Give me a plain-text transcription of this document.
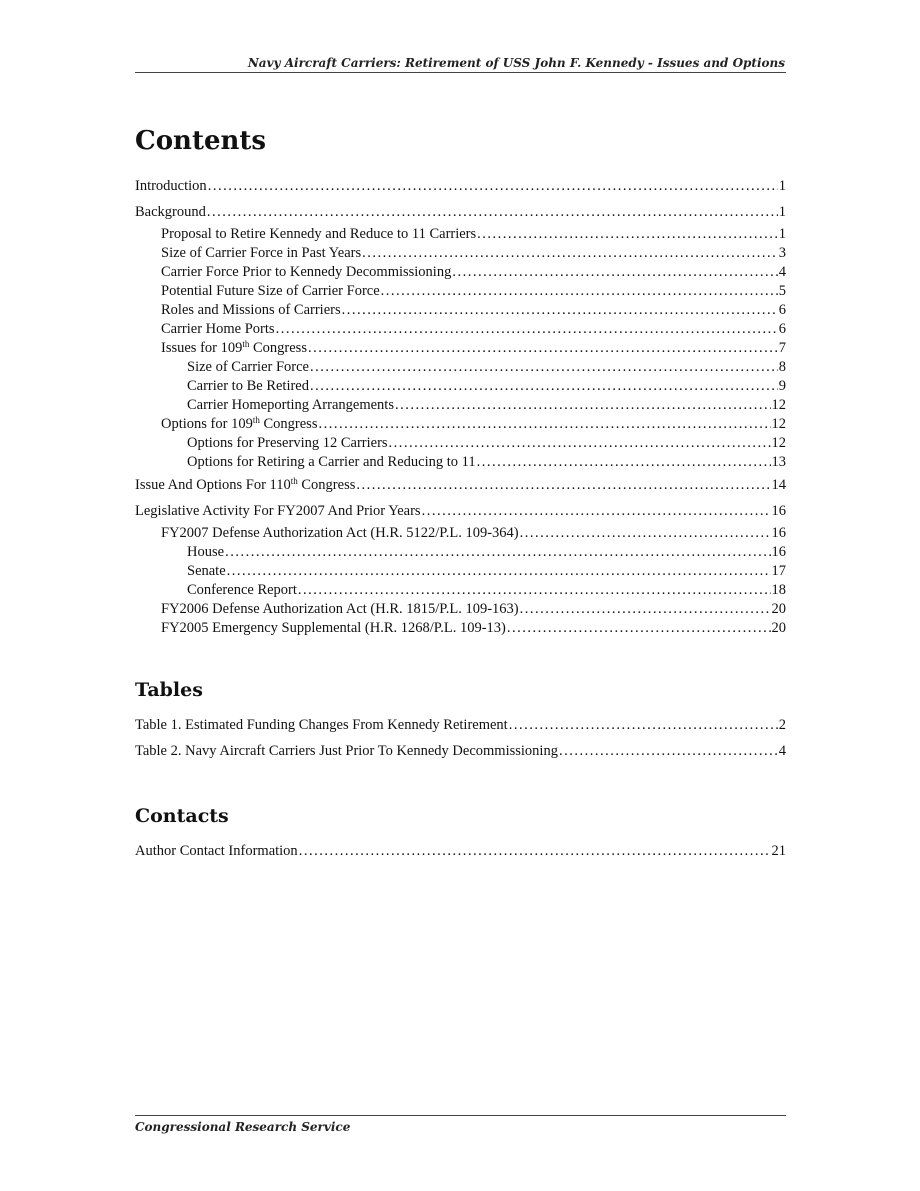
Navy Aircraft Carriers: Retirement of USS John F. Kennedy - Issues and Options
Contents
Introduction .....	1
Background .....	1
Proposal to Retire Kennedy and Reduce to 11 Carriers .....	1
Size of Carrier Force in Past Years .....	3
Carrier Force Prior to Kennedy Decommissioning .....	4
Potential Future Size of Carrier Force .....	5
Roles and Missions of Carriers .....	6
Carrier Home Ports .....	6
Issues for 109th Congress .....	7
Size of Carrier Force .....	8
Carrier to Be Retired .....	9
Carrier Homeporting Arrangements .....	12
Options for 109th Congress .....	12
Options for Preserving 12 Carriers .....	12
Options for Retiring a Carrier and Reducing to 11 .....	13
Issue And Options For 110th Congress .....	14
Legislative Activity For FY2007 And Prior Years .....	16
FY2007 Defense Authorization Act (H.R. 5122/P.L. 109-364) .....	16
House .....	16
Senate .....	17
Conference Report .....	18
FY2006 Defense Authorization Act (H.R. 1815/P.L. 109-163) .....	20
FY2005 Emergency Supplemental (H.R. 1268/P.L. 109-13) .....	20
Tables
Table 1. Estimated Funding Changes From Kennedy Retirement .....	2
Table 2. Navy Aircraft Carriers Just Prior To Kennedy Decommissioning .....	4
Contacts
Author Contact Information .....	21
Congressional Research Service
